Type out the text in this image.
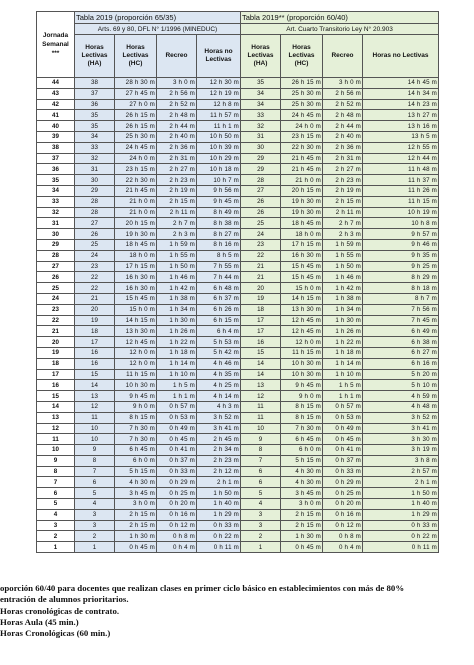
Jornada Semanal ***	Tabla 2019 (proporción 65/35)				Tabla 2019** (proporción 60/40)			
	Arts. 69 y 80, DFL N° 1/1996 (MINEDUC)				Art. Cuarto Transitorio Ley N° 20.903			
	Horas Lectivas (HA)	Horas Lectivas (HC)	Recreo	Horas no Lectivas	Horas Lectivas (HA)	Horas Lectivas (HC)	Recreo	Horas no Lectivas
44	38	28 h 30 m	3 h 0 m	12 h 30 m	35	26 h 15 m	3 h 0 m	14 h 45 m
43	37	27 h 45 m	2 h 56 m	12 h 19 m	34	25 h 30 m	2 h 56 m	14 h 34 m
42	36	27 h 0 m	2 h 52 m	12 h 8 m	34	25 h 30 m	2 h 52 m	14 h 23 m
41	35	26 h 15 m	2 h 48 m	11 h 57 m	33	24 h 45 m	2 h 48 m	13 h 27 m
40	35	26 h 15 m	2 h 44 m	11 h 1 m	32	24 h 0 m	2 h 44 m	13 h 16 m
39	34	25 h 30 m	2 h 40 m	10 h 50 m	31	23 h 15 m	2 h 40 m	13 h 5 m
38	33	24 h 45 m	2 h 36 m	10 h 39 m	30	22 h 30 m	2 h 36 m	12 h 55 m
37	32	24 h 0 m	2 h 31 m	10 h 29 m	29	21 h 45 m	2 h 31 m	12 h 44 m
36	31	23 h 15 m	2 h 27 m	10 h 18 m	29	21 h 45 m	2 h 27 m	11 h 48 m
35	30	22 h 30 m	2 h 23 m	10 h 7 m	28	21 h 0 m	2 h 23 m	11 h 37 m
34	29	21 h 45 m	2 h 19 m	9 h 56 m	27	20 h 15 m	2 h 19 m	11 h 26 m
33	28	21 h 0 m	2 h 15 m	9 h 45 m	26	19 h 30 m	2 h 15 m	11 h 15 m
32	28	21 h 0 m	2 h 11 m	8 h 49 m	26	19 h 30 m	2 h 11 m	10 h 19 m
31	27	20 h 15 m	2 h 7 m	8 h 38 m	25	18 h 45 m	2 h 7 m	10 h 8 m
30	26	19 h 30 m	2 h 3 m	8 h 27 m	24	18 h 0 m	2 h 3 m	9 h 57 m
29	25	18 h 45 m	1 h 59 m	8 h 16 m	23	17 h 15 m	1 h 59 m	9 h 46 m
28	24	18 h 0 m	1 h 55 m	8 h 5 m	22	16 h 30 m	1 h 55 m	9 h 35 m
27	23	17 h 15 m	1 h 50 m	7 h 55 m	21	15 h 45 m	1 h 50 m	9 h 25 m
26	22	16 h 30 m	1 h 46 m	7 h 44 m	21	15 h 45 m	1 h 46 m	8 h 29 m
25	22	16 h 30 m	1 h 42 m	6 h 48 m	20	15 h 0 m	1 h 42 m	8 h 18 m
24	21	15 h 45 m	1 h 38 m	6 h 37 m	19	14 h 15 m	1 h 38 m	8 h 7 m
23	20	15 h 0 m	1 h 34 m	6 h 26 m	18	13 h 30 m	1 h 34 m	7 h 56 m
22	19	14 h 15 m	1 h 30 m	6 h 15 m	17	12 h 45 m	1 h 30 m	7 h 45 m
21	18	13 h 30 m	1 h 26 m	6 h 4 m	17	12 h 45 m	1 h 26 m	6 h 49 m
20	17	12 h 45 m	1 h 22 m	5 h 53 m	16	12 h 0 m	1 h 22 m	6 h 38 m
19	16	12 h 0 m	1 h 18 m	5 h 42 m	15	11 h 15 m	1 h 18 m	6 h 27 m
18	16	12 h 0 m	1 h 14 m	4 h 46 m	14	10 h 30 m	1 h 14 m	6 h 16 m
17	15	11 h 15 m	1 h 10 m	4 h 35 m	14	10 h 30 m	1 h 10 m	5 h 20 m
16	14	10 h 30 m	1 h 5 m	4 h 25 m	13	9 h 45 m	1 h 5 m	5 h 10 m
15	13	9 h 45 m	1 h 1 m	4 h 14 m	12	9 h 0 m	1 h 1 m	4 h 59 m
14	12	9 h 0 m	0 h 57 m	4 h 3 m	11	8 h 15 m	0 h 57 m	4 h 48 m
13	11	8 h 15 m	0 h 53 m	3 h 52 m	11	8 h 15 m	0 h 53 m	3 h 52 m
12	10	7 h 30 m	0 h 49 m	3 h 41 m	10	7 h 30 m	0 h 49 m	3 h 41 m
11	10	7 h 30 m	0 h 45 m	2 h 45 m	9	6 h 45 m	0 h 45 m	3 h 30 m
10	9	6 h 45 m	0 h 41 m	2 h 34 m	8	6 h 0 m	0 h 41 m	3 h 19 m
9	8	6 h 0 m	0 h 37 m	2 h 23 m	7	5 h 15 m	0 h 37 m	3 h 8 m
8	7	5 h 15 m	0 h 33 m	2 h 12 m	6	4 h 30 m	0 h 33 m	2 h 57 m
7	6	4 h 30 m	0 h 29 m	2 h 1 m	6	4 h 30 m	0 h 29 m	2 h 1 m
6	5	3 h 45 m	0 h 25 m	1 h 50 m	5	3 h 45 m	0 h 25 m	1 h 50 m
5	4	3 h 0 m	0 h 20 m	1 h 40 m	4	3 h 0 m	0 h 20 m	1 h 40 m
4	3	2 h 15 m	0 h 16 m	1 h 29 m	3	2 h 15 m	0 h 16 m	1 h 29 m
3	3	2 h 15 m	0 h 12 m	0 h 33 m	3	2 h 15 m	0 h 12 m	0 h 33 m
2	2	1 h 30 m	0 h 8 m	0 h 22 m	2	1 h 30 m	0 h 8 m	0 h 22 m
1	1	0 h 45 m	0 h 4 m	0 h 11 m	1	0 h 45 m	0 h 4 m	0 h 11 m
oporción 60/40 para docentes que realizan clases en primer ciclo básico en establecimientos con más de 80%
entración de alumnos prioritarios.
Horas cronológicas de contrato.
Horas Aula (45 min.)
Horas Cronológicas (60 min.)
